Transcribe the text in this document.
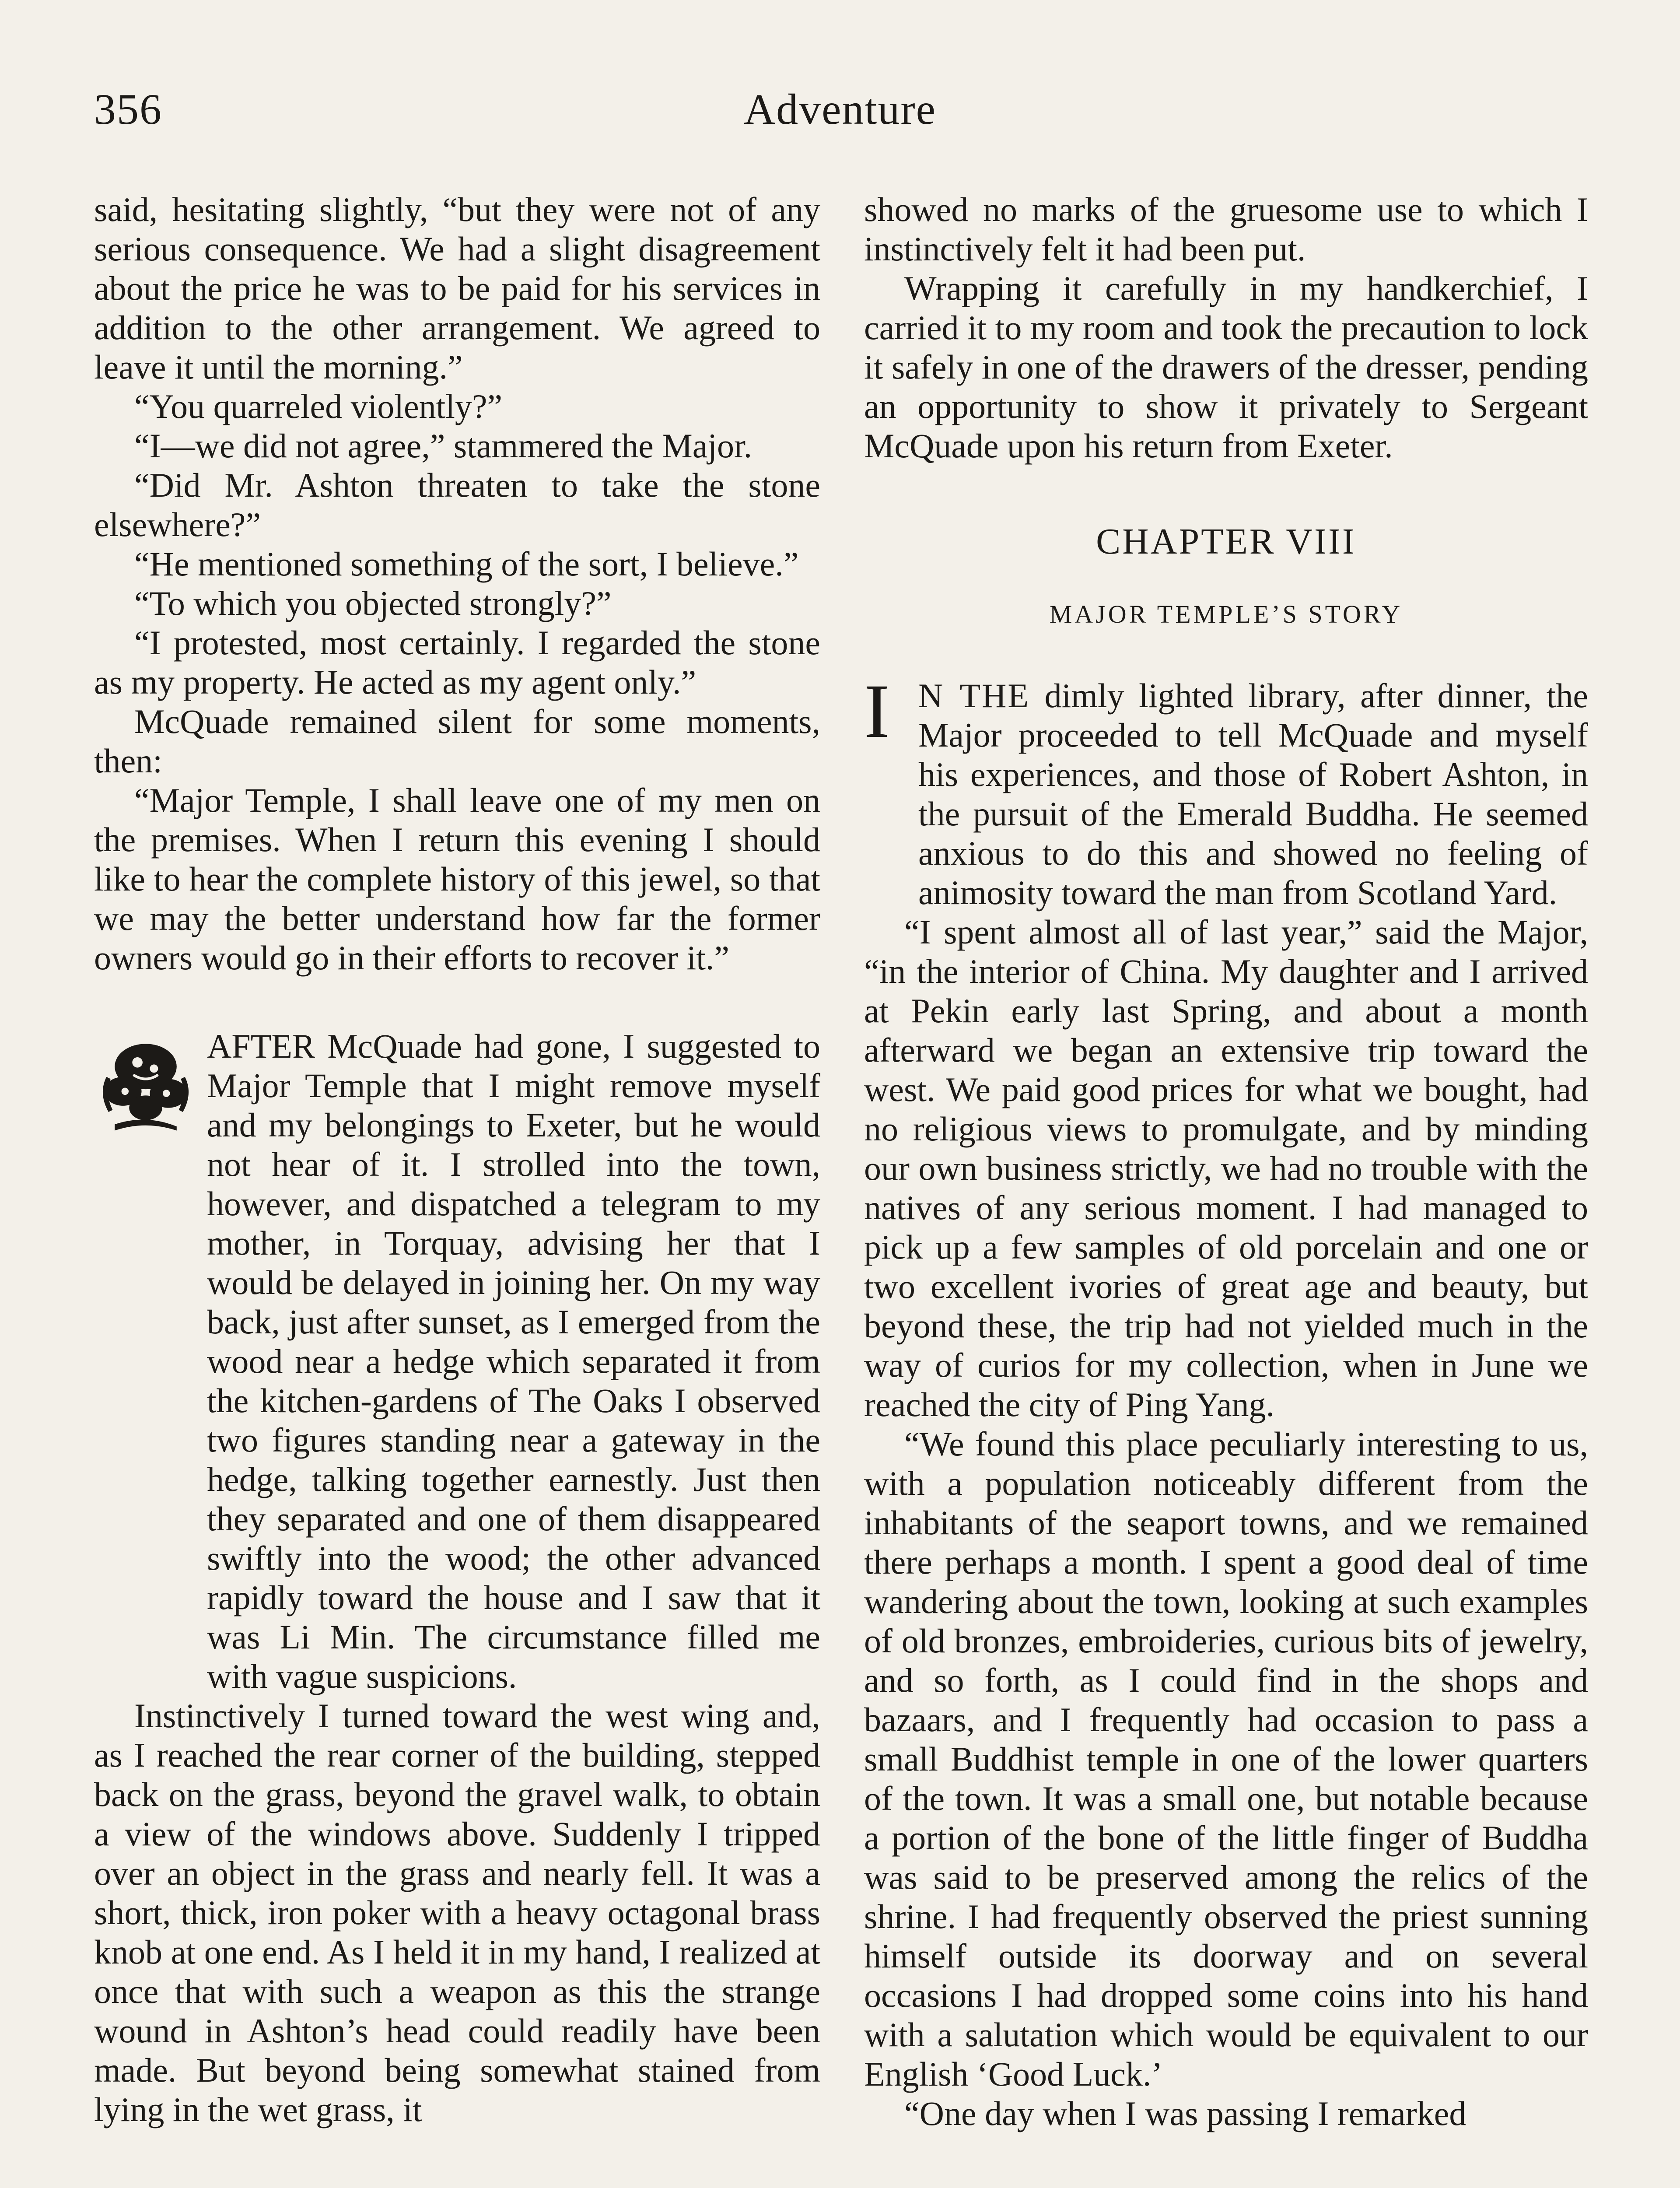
356	Adventure

said, hesitating slightly, “but they were not of any serious consequence. We had a slight disagreement about the price he was to be paid for his services in addition to the other arrangement. We agreed to leave it until the morning.”

“You quarreled violently?”

“I—we did not agree,” stammered the Major.

“Did Mr. Ashton threaten to take the stone elsewhere?”

“He mentioned something of the sort, I believe.”

“To which you objected strongly?”

“I protested, most certainly. I regarded the stone as my property. He acted as my agent only.”

McQuade remained silent for some moments, then:

“Major Temple, I shall leave one of my men on the premises. When I return this evening I should like to hear the complete history of this jewel, so that we may the better understand how far the former owners would go in their efforts to recover it.”

AFTER McQuade had gone, I suggested to Major Temple that I might remove myself and my belongings to Exeter, but he would not hear of it. I strolled into the town, however, and dispatched a telegram to my mother, in Torquay, advising her that I would be delayed in joining her. On my way back, just after sunset, as I emerged from the wood near a hedge which separated it from the kitchen-gardens of The Oaks I observed two figures standing near a gateway in the hedge, talking together earnestly. Just then they separated and one of them disappeared swiftly into the wood; the other advanced rapidly toward the house and I saw that it was Li Min. The circumstance filled me with vague suspicions.

Instinctively I turned toward the west wing and, as I reached the rear corner of the building, stepped back on the grass, beyond the gravel walk, to obtain a view of the windows above. Suddenly I tripped over an object in the grass and nearly fell. It was a short, thick, iron poker with a heavy octagonal brass knob at one end. As I held it in my hand, I realized at once that with such a weapon as this the strange wound in Ashton’s head could readily have been made. But beyond being somewhat stained from lying in the wet grass, it

showed no marks of the gruesome use to which I instinctively felt it had been put.

Wrapping it carefully in my handkerchief, I carried it to my room and took the precaution to lock it safely in one of the drawers of the dresser, pending an opportunity to show it privately to Sergeant McQuade upon his return from Exeter.

CHAPTER VIII
MAJOR TEMPLE’S STORY
I N THE dimly lighted library, after dinner, the Major proceeded to tell McQuade and myself his experiences, and those of Robert Ashton, in the pursuit of the Emerald Buddha. He seemed anxious to do this and showed no feeling of animosity toward the man from Scotland Yard.

“I spent almost all of last year,” said the Major, “in the interior of China. My daughter and I arrived at Pekin early last Spring, and about a month afterward we began an extensive trip toward the west. We paid good prices for what we bought, had no religious views to promulgate, and by minding our own business strictly, we had no trouble with the natives of any serious moment. I had managed to pick up a few samples of old porcelain and one or two excellent ivories of great age and beauty, but beyond these, the trip had not yielded much in the way of curios for my collection, when in June we reached the city of Ping Yang.

“We found this place peculiarly interesting to us, with a population noticeably different from the inhabitants of the seaport towns, and we remained there perhaps a month. I spent a good deal of time wandering about the town, looking at such examples of old bronzes, embroideries, curious bits of jewelry, and so forth, as I could find in the shops and bazaars, and I frequently had occasion to pass a small Buddhist temple in one of the lower quarters of the town. It was a small one, but notable because a portion of the bone of the little finger of Buddha was said to be preserved among the relics of the shrine. I had frequently observed the priest sunning himself outside its doorway and on several occasions I had dropped some coins into his hand with a salutation which would be equivalent to our English ‘Good Luck.’

“One day when I was passing I remarked
